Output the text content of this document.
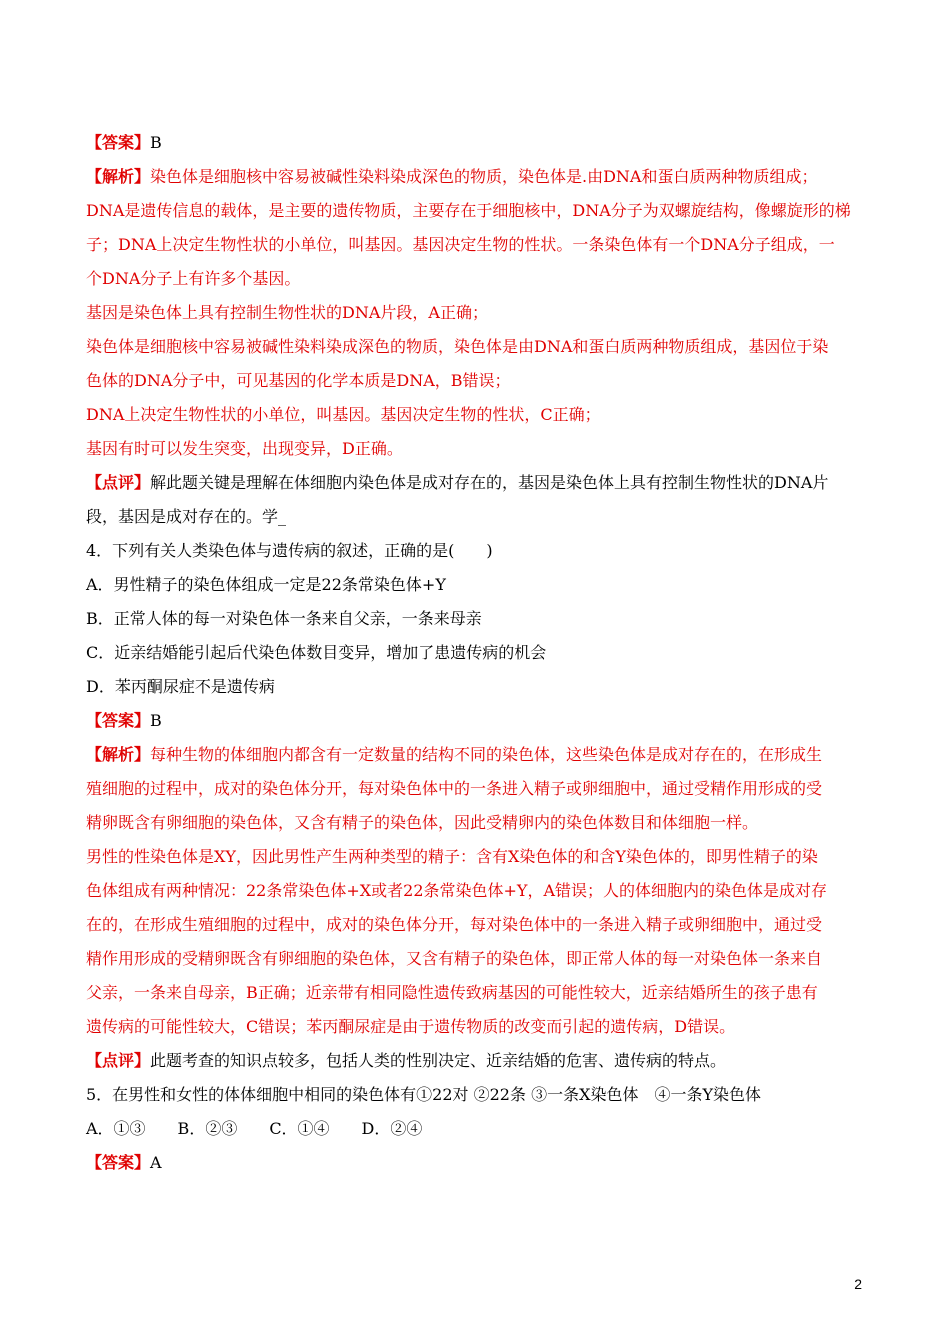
【答案】B
【解析】染色体是细胞核中容易被碱性染料染成深色的物质，染色体是.由DNA和蛋白质两种物质组成；
DNA是遗传信息的载体，是主要的遗传物质，主要存在于细胞核中，DNA分子为双螺旋结构，像螺旋形的梯
子；DNA上决定生物性状的小单位，叫基因。基因决定生物的性状。一条染色体有一个DNA分子组成，一
个DNA分子上有许多个基因。
基因是染色体上具有控制生物性状的DNA片段，A正确；
染色体是细胞核中容易被碱性染料染成深色的物质，染色体是由DNA和蛋白质两种物质组成，基因位于染
色体的DNA分子中，可见基因的化学本质是DNA，B错误；
DNA上决定生物性状的小单位，叫基因。基因决定生物的性状，C正确；
基因有时可以发生突变，出现变异，D正确。
【点评】解此题关键是理解在体细胞内染色体是成对存在的，基因是染色体上具有控制生物性状的DNA片
段，基因是成对存在的。学_
4．下列有关人类染色体与遗传病的叙述，正确的是(　　)
A．男性精子的染色体组成一定是22条常染色体+Y
B．正常人体的每一对染色体一条来自父亲，一条来母亲
C．近亲结婚能引起后代染色体数目变异，增加了患遗传病的机会
D．苯丙酮尿症不是遗传病
【答案】B
【解析】每种生物的体细胞内都含有一定数量的结构不同的染色体，这些染色体是成对存在的，在形成生
殖细胞的过程中，成对的染色体分开，每对染色体中的一条进入精子或卵细胞中，通过受精作用形成的受
精卵既含有卵细胞的染色体，又含有精子的染色体，因此受精卵内的染色体数目和体细胞一样。
男性的性染色体是XY，因此男性产生两种类型的精子：含有X染色体的和含Y染色体的，即男性精子的染
色体组成有两种情况：22条常染色体+X或者22条常染色体+Y，A错误；人的体细胞内的染色体是成对存
在的，在形成生殖细胞的过程中，成对的染色体分开，每对染色体中的一条进入精子或卵细胞中，通过受
精作用形成的受精卵既含有卵细胞的染色体，又含有精子的染色体，即正常人体的每一对染色体一条来自
父亲，一条来自母亲，B正确；近亲带有相同隐性遗传致病基因的可能性较大，近亲结婚所生的孩子患有
遗传病的可能性较大，C错误；苯丙酮尿症是由于遗传物质的改变而引起的遗传病，D错误。
【点评】此题考查的知识点较多，包括人类的性别决定、近亲结婚的危害、遗传病的特点。
5．在男性和女性的体体细胞中相同的染色体有①22对 ②22条 ③一条X染色体　④一条Y染色体
A．①③　　B．②③　　C．①④　　D．②④
【答案】A
2
